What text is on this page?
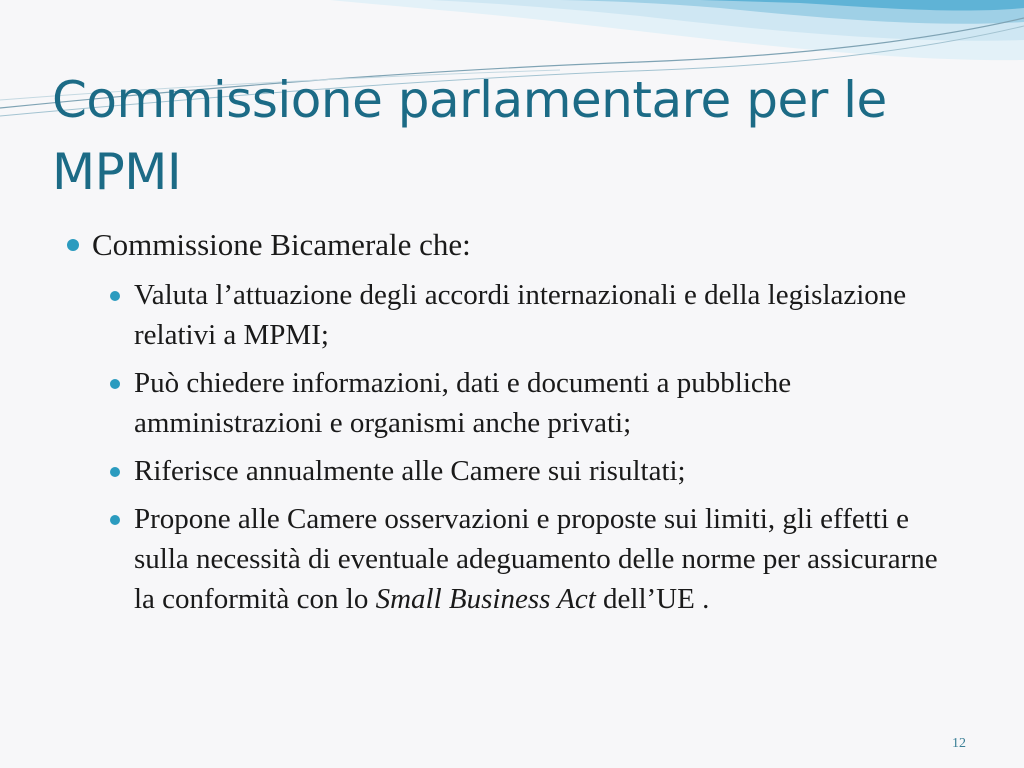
Commissione parlamentare per le MPMI
Commissione Bicamerale che:
Valuta l’attuazione degli accordi internazionali e della legislazione relativi a MPMI;
Può chiedere informazioni, dati e documenti a pubbliche amministrazioni e organismi anche privati;
Riferisce annualmente alle Camere sui risultati;
Propone alle Camere osservazioni e proposte sui limiti, gli effetti e sulla necessità di eventuale adeguamento delle norme per assicurarne la conformità con lo Small Business Act dell’UE .
12
